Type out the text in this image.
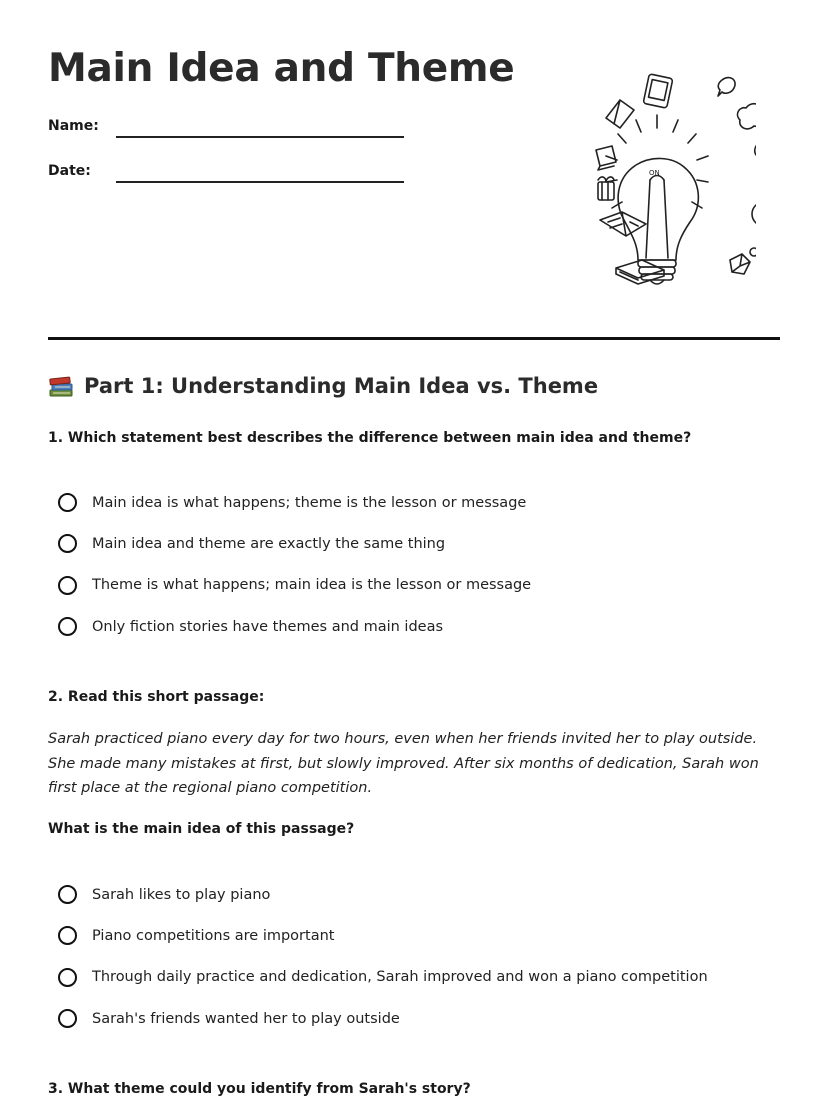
Main Idea and Theme
Name:
Date:	ON
Part 1: Understanding Main Idea vs. Theme

1. Which statement best describes the difference between main idea and theme?

Main idea is what happens; theme is the lesson or message
Main idea and theme are exactly the same thing
Theme is what happens; main idea is the lesson or message
Only fiction stories have themes and main ideas

2. Read this short passage:

Sarah practiced piano every day for two hours, even when her friends invited her to play outside. She made many mistakes at first, but slowly improved. After six months of dedication, Sarah won first place at the regional piano competition.

What is the main idea of this passage?

Sarah likes to play piano
Piano competitions are important
Through daily practice and dedication, Sarah improved and won a piano competition
Sarah's friends wanted her to play outside

3. What theme could you identify from Sarah's story?
